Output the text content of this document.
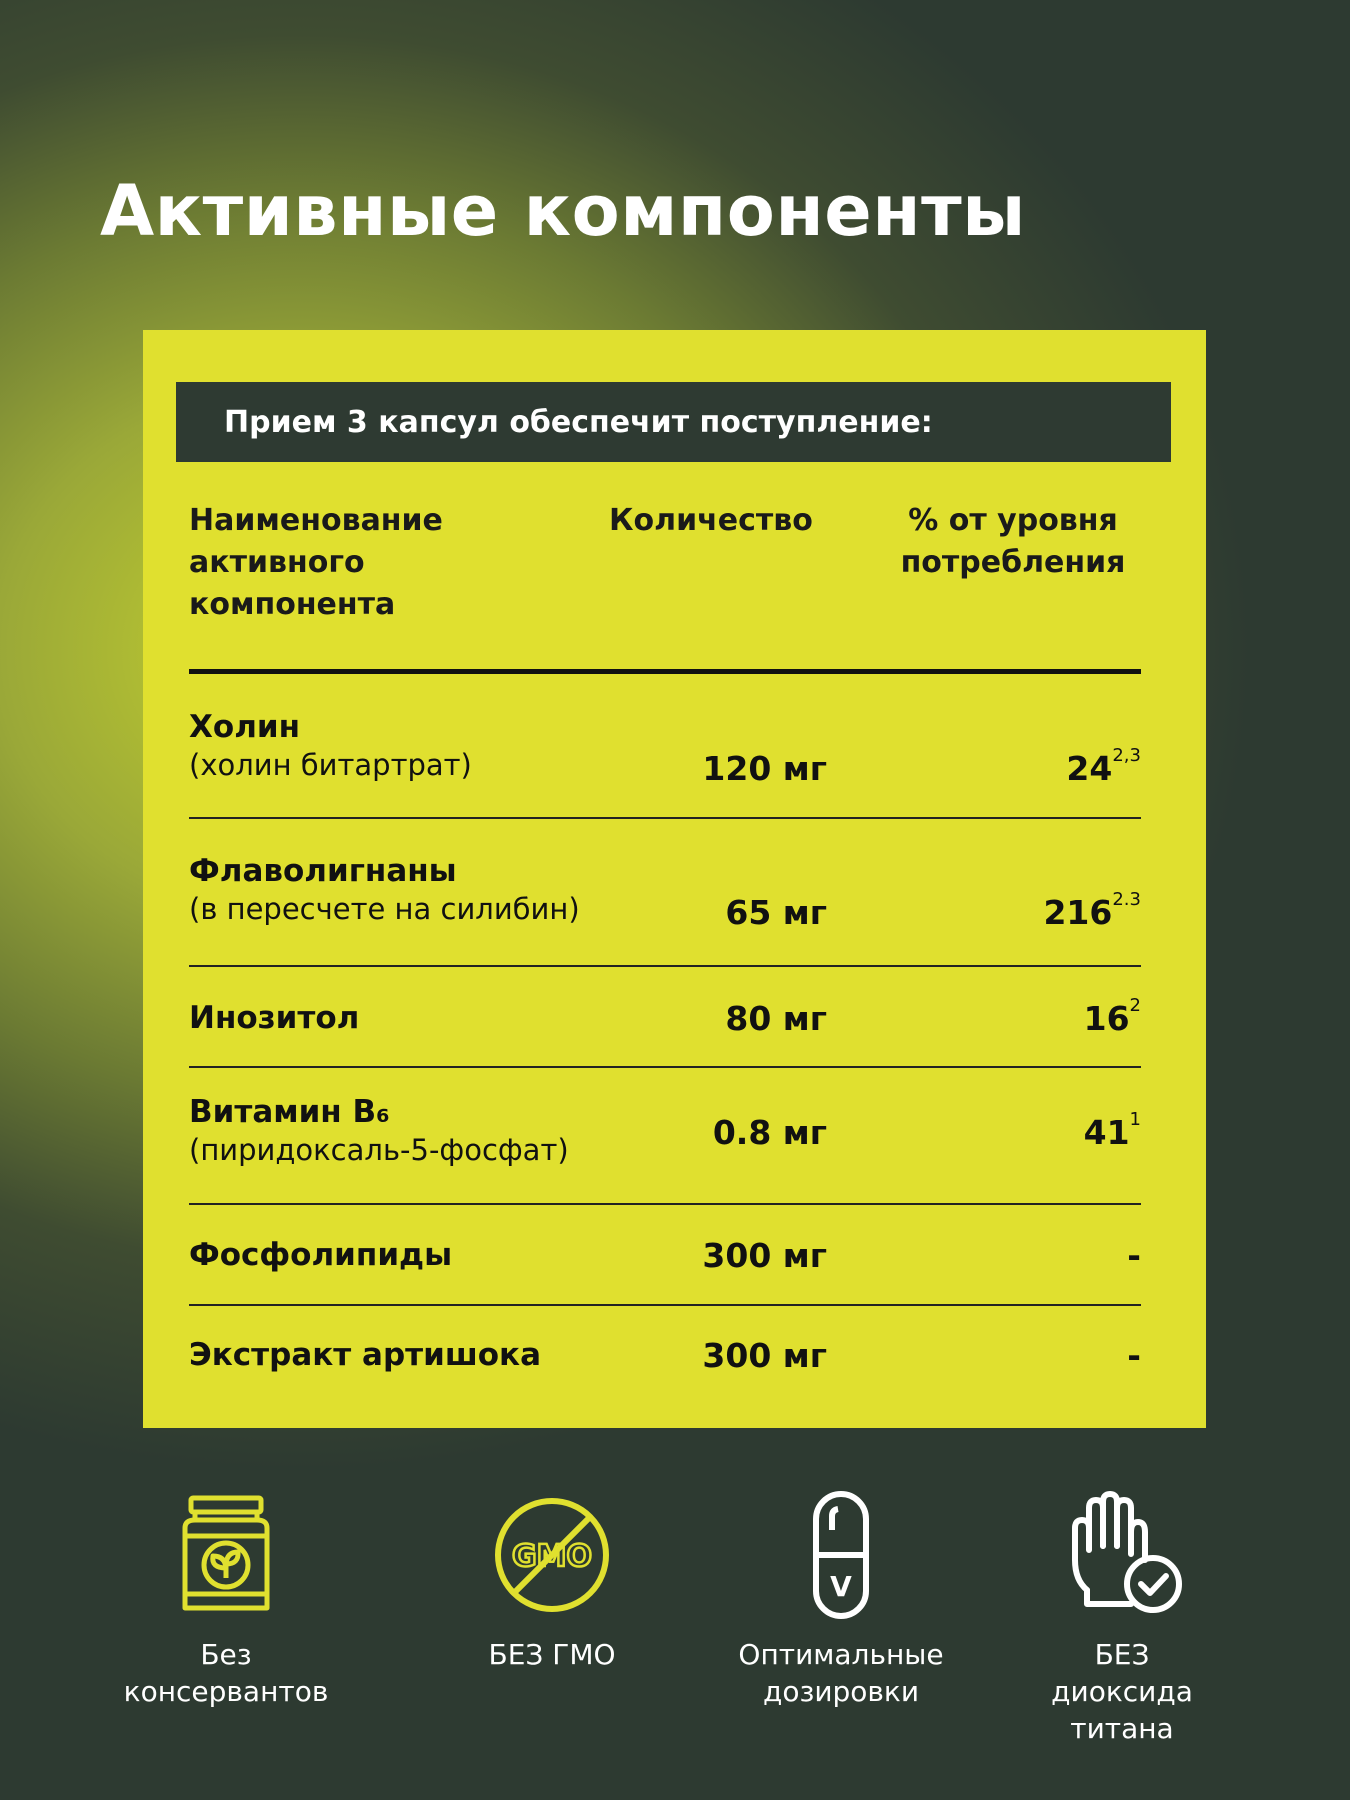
Активные компоненты
Прием 3 капсул обеспечит поступление:
Наименование активного компонента
Количество	% от уровня потребления
Холин
(холин битартрат)	120 мг	24$^{2,3}$
Флаволигнаны
(в пересчете на силибин)	65 мг	$216^{2.3}$
Инозитол	80 мг	$16^2$
Витамин B₆
(пиридоксаль-5-фосфат)	0.8 мг	$41^1$
Фосфолипиды	300 мг	-
Экстракт артишока	300 мг	-
Без консервантов
GMO
БЕЗ ГМО
V
Оптимальные дозировки
БЕЗ диоксида титана
